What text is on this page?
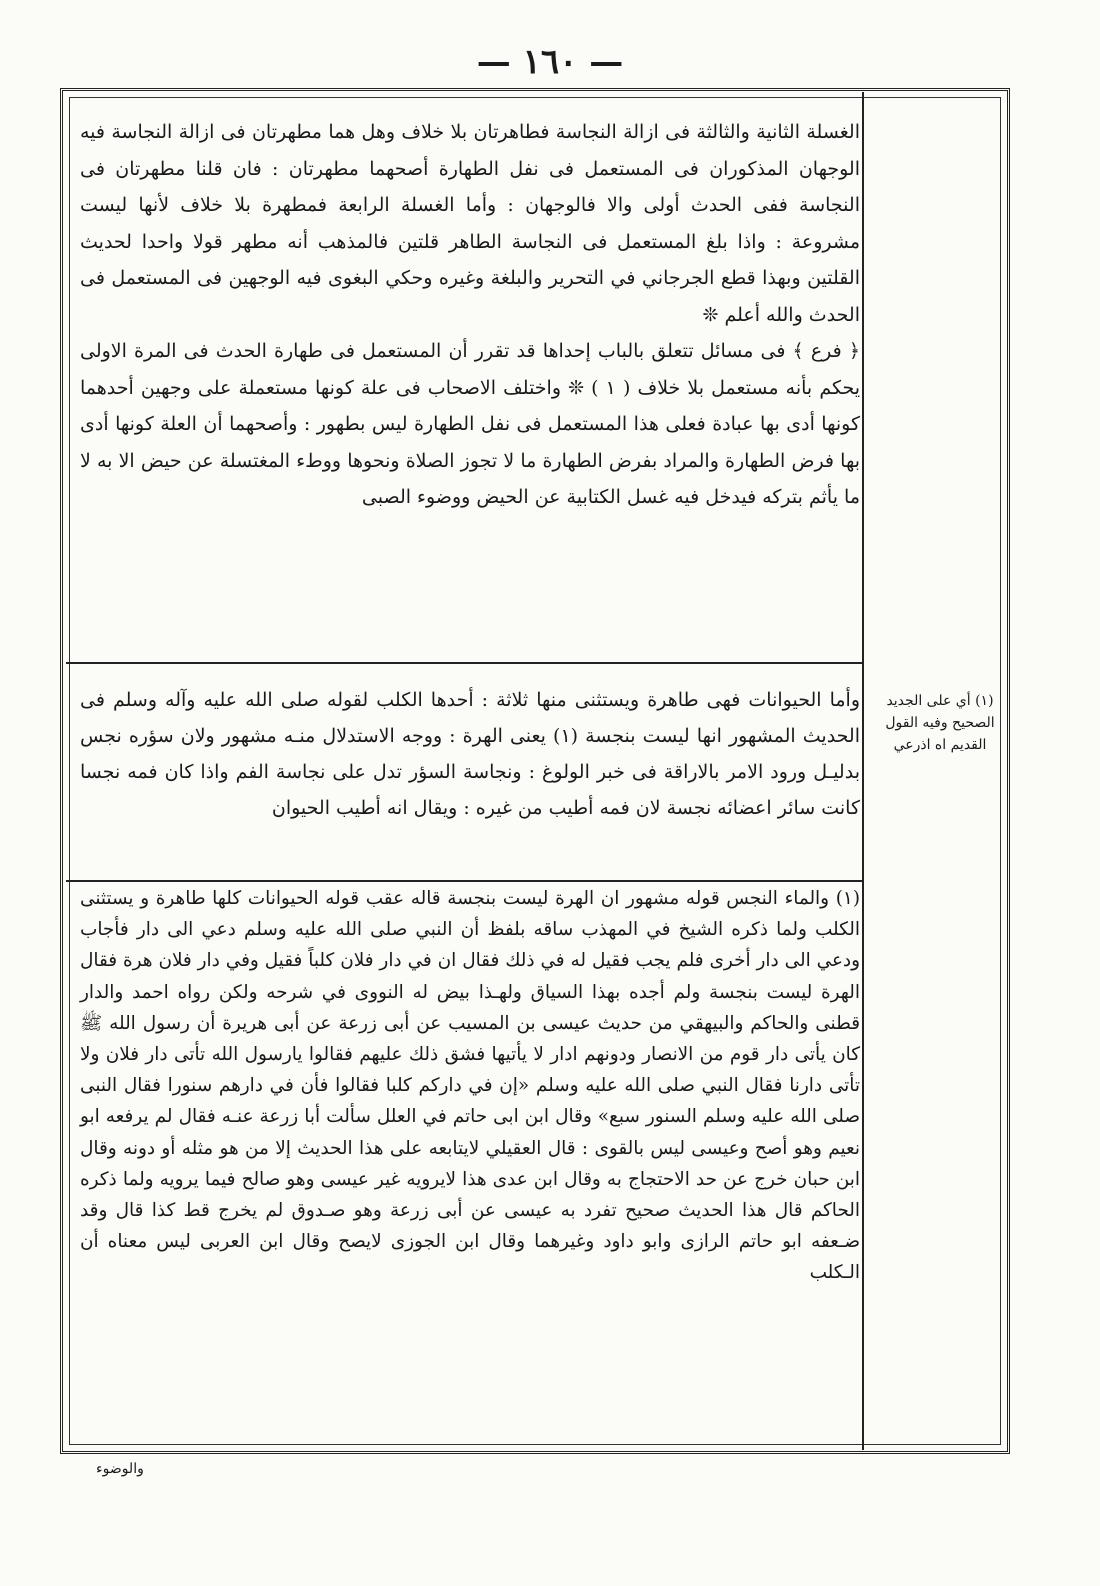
— ١٦٠ —

الغسلة الثانية والثالثة فى ازالة النجاسة فطاهرتان بلا خلاف وهل هما مطهرتان فى ازالة النجاسة فيه الوجهان المذكوران فى المستعمل فى نفل الطهارة أصحهما مطهرتان : فان قلنا مطهرتان فى النجاسة ففى الحدث أولى والا فالوجهان : وأما الغسلة الرابعة فمطهرة بلا خلاف لأنها ليست مشروعة : واذا بلغ المستعمل فى النجاسة الطاهر قلتين فالمذهب أنه مطهر قولا واحدا لحديث القلتين وبهذا قطع الجرجاني في التحرير والبلغة وغيره وحكي البغوى فيه الوجهين فى المستعمل فى الحدث والله أعلم ❊

﴿ فرع ﴾ فى مسائل تتعلق بالباب إحداها قد تقرر أن المستعمل فى طهارة الحدث فى المرة الاولى يحكم بأنه مستعمل بلا خلاف ( ١ ) ❊ واختلف الاصحاب فى علة كونها مستعملة على وجهين أحدهما كونها أدى بها عبادة فعلى هذا المستعمل فى نفل الطهارة ليس بطهور : وأصحهما أن العلة كونها أدى بها فرض الطهارة والمراد بفرض الطهارة ما لا تجوز الصلاة ونحوها ووطء المغتسلة عن حيض الا به لا ما يأثم بتركه فيدخل فيه غسل الكتابية عن الحيض ووضوء الصبى

وأما الحيوانات فهى طاهرة ويستثنى منها ثلاثة : أحدها الكلب لقوله صلى الله عليه وآله وسلم فى الحديث المشهور انها ليست بنجسة (١) يعنى الهرة : ووجه الاستدلال منـه مشهور ولان سؤره نجس بدليـل ورود الامر بالاراقة فى خبر الولوغ : ونجاسة السؤر تدل على نجاسة الفم واذا كان فمه نجسا كانت سائر اعضائه نجسة لان فمه أطيب من غيره : ويقال انه أطيب الحيوان

(١) والماء النجس قوله مشهور ان الهرة ليست بنجسة قاله عقب قوله الحيوانات كلها طاهرة و يستثنى الكلب ولما ذكره الشيخ في المهذب ساقه بلفظ أن النبي صلى الله عليه وسلم دعي الى دار فأجاب ودعي الى دار أخرى فلم يجب فقيل له في ذلك فقال ان في دار فلان كلباً فقيل وفي دار فلان هرة فقال الهرة ليست بنجسة ولم أجده بهذا السياق ولهـذا بيض له النووى في شرحه ولكن رواه احمد والدار قطنى والحاكم والبيهقي من حديث عيسى بن المسيب عن أبى زرعة عن أبى هريرة أن رسول الله ﷺ كان يأتى دار قوم من الانصار ودونهم ادار لا يأتيها فشق ذلك عليهم فقالوا يارسول الله تأتى دار فلان ولا تأتى دارنا فقال النبي صلى الله عليه وسلم «إن في داركم كلبا فقالوا فأن في دارهم سنورا فقال النبى صلى الله عليه وسلم السنور سبع» وقال ابن ابى حاتم في العلل سألت أبا زرعة عنـه فقال لم يرفعه ابو نعيم وهو أصح وعيسى ليس بالقوى : قال العقيلي لايتابعه على هذا الحديث إلا من هو مثله أو دونه وقال ابن حبان خرج عن حد الاحتجاج به وقال ابن عدى هذا لايرويه غير عيسى وهو صالح فيما يرويه ولما ذكره الحاكم قال هذا الحديث صحيح تفرد به عيسى عن أبى زرعة وهو صـدوق لم يخرج قط كذا قال وقد ضـعفه ابو حاتم الرازى وابو داود وغيرهما وقال ابن الجوزى لايصح وقال ابن العربى ليس معناه أن الـكلب

(١) أي على الجديد الصحيح وفيه القول القديم اه اذرعي

والوضوء
